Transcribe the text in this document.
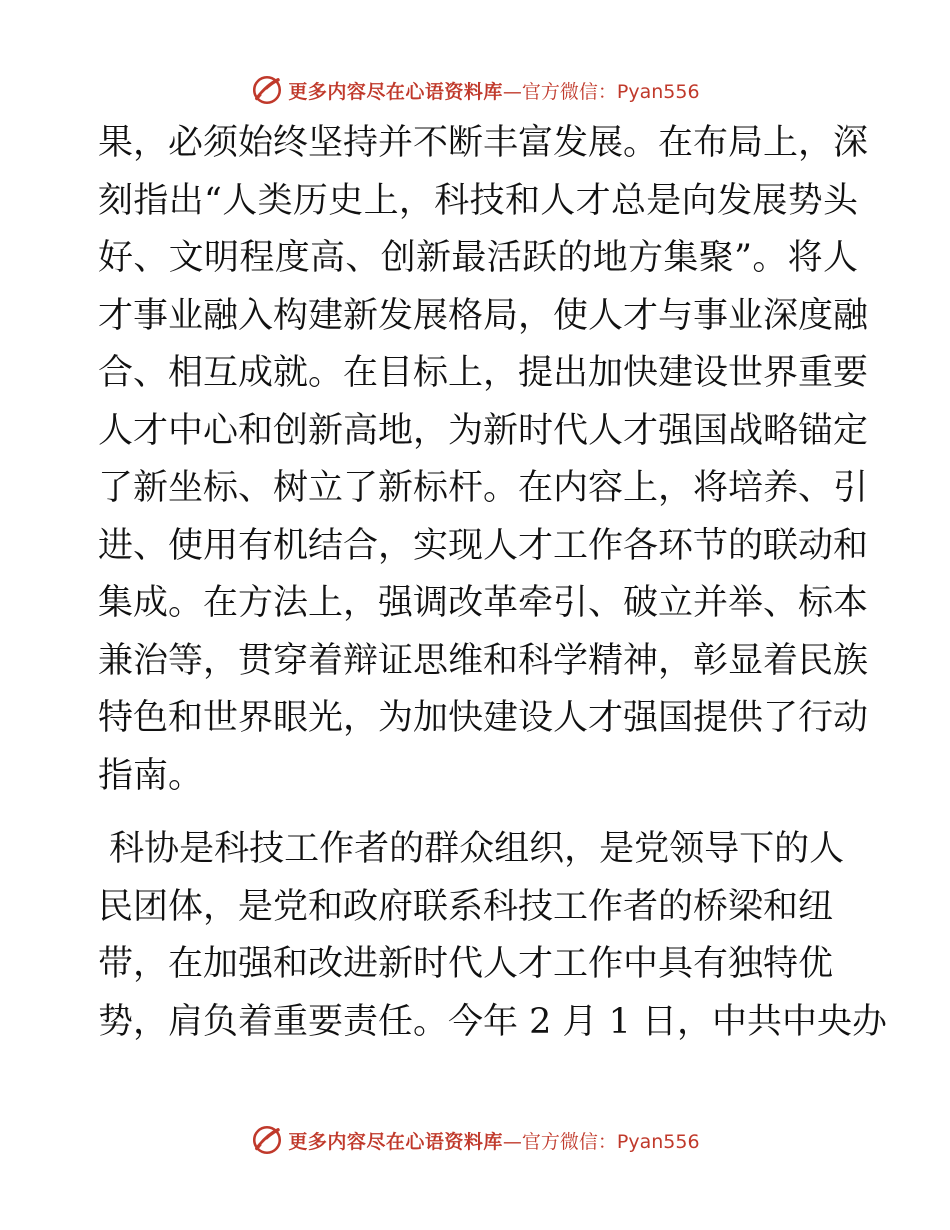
更多内容尽在心语资料库 —官方微信：Pyan556

果，必须始终坚持并不断丰富发展。在布局上，深
刻指出“人类历史上，科技和人才总是向发展势头
好、文明程度高、创新最活跃的地方集聚”。将人
才事业融入构建新发展格局，使人才与事业深度融
合、相互成就。在目标上，提出加快建设世界重要
人才中心和创新高地，为新时代人才强国战略锚定
了新坐标、树立了新标杆。在内容上，将培养、引
进、使用有机结合，实现人才工作各环节的联动和
集成。在方法上，强调改革牵引、破立并举、标本
兼治等，贯穿着辩证思维和科学精神，彰显着民族
特色和世界眼光，为加快建设人才强国提供了行动
指南。

科协是科技工作者的群众组织，是党领导下的人
民团体，是党和政府联系科技工作者的桥梁和纽
带，在加强和改进新时代人才工作中具有独特优
势，肩负着重要责任。今年 2 月 1 日，中共中央办

更多内容尽在心语资料库 —官方微信：Pyan556
